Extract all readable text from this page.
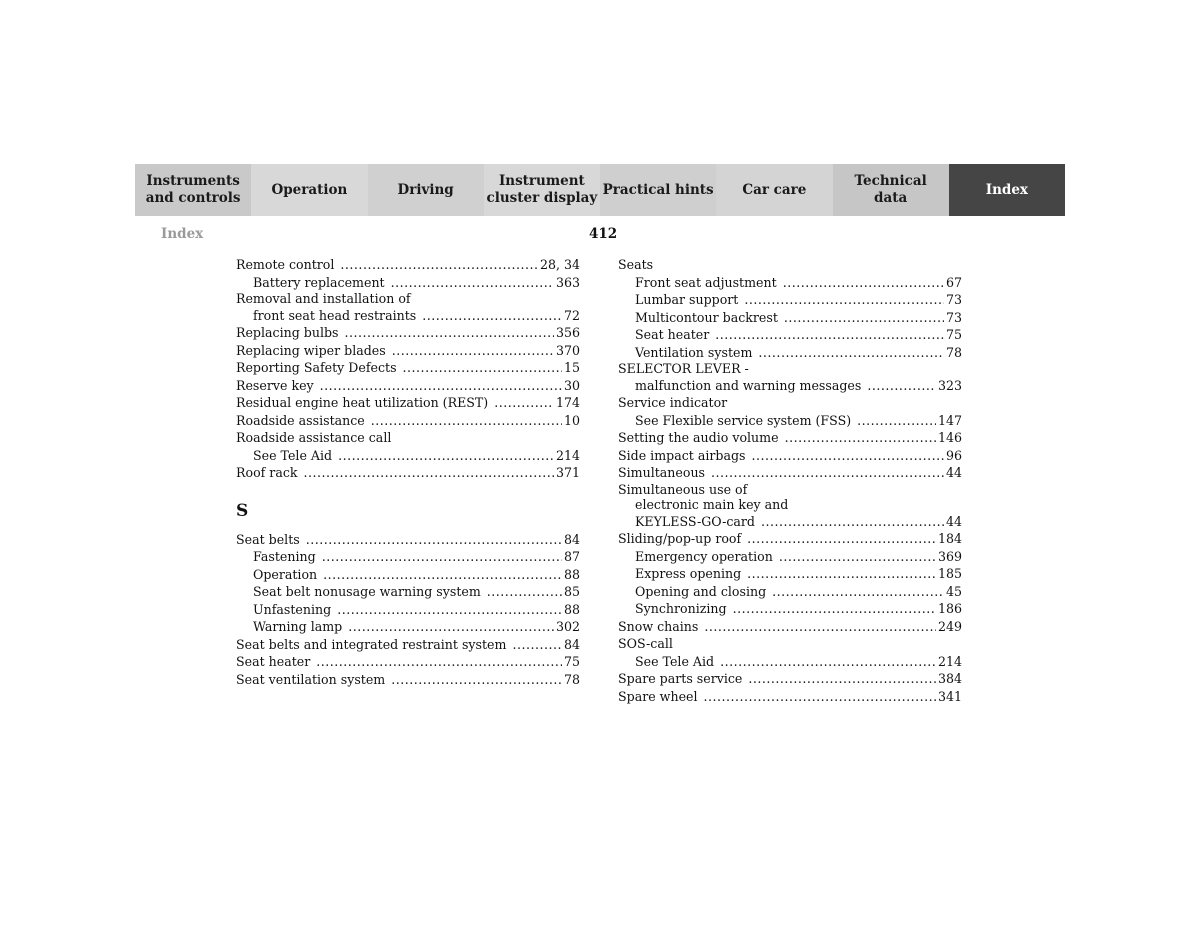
Instruments
and controls
Operation	Driving
Instrument
cluster display
Practical hints	Car care
Technical
data
Index
Index	412
Remote control .....	28, 34
Battery replacement .....	363
Removal and installation of
front seat head restraints .....	72
Replacing bulbs .....	356
Replacing wiper blades .....	370
Reporting Safety Defects .....	15
Reserve key .....	30
Residual engine heat utilization (REST) .....	174
Roadside assistance .....	10
Roadside assistance call
See Tele Aid .....	214
Roof rack .....	371
S
Seat belts .....	84
Fastening .....	87
Operation .....	88
Seat belt nonusage warning system .....	85
Unfastening .....	88
Warning lamp .....	302
Seat belts and integrated restraint system .....	84
Seat heater .....	75
Seat ventilation system .....	78
Seats
Front seat adjustment .....	67
Lumbar support .....	73
Multicontour backrest .....	73
Seat heater .....	75
Ventilation system .....	78
SELECTOR LEVER -
malfunction and warning messages .....	323
Service indicator
See Flexible service system (FSS) .....	147
Setting the audio volume .....	146
Side impact airbags .....	96
Simultaneous .....	44
Simultaneous use of
electronic main key and
KEYLESS-GO-card .....	44
Sliding/pop-up roof .....	184
Emergency operation .....	369
Express opening .....	185
Opening and closing .....	45
Synchronizing .....	186
Snow chains .....	249
SOS-call
See Tele Aid .....	214
Spare parts service .....	384
Spare wheel .....	341
